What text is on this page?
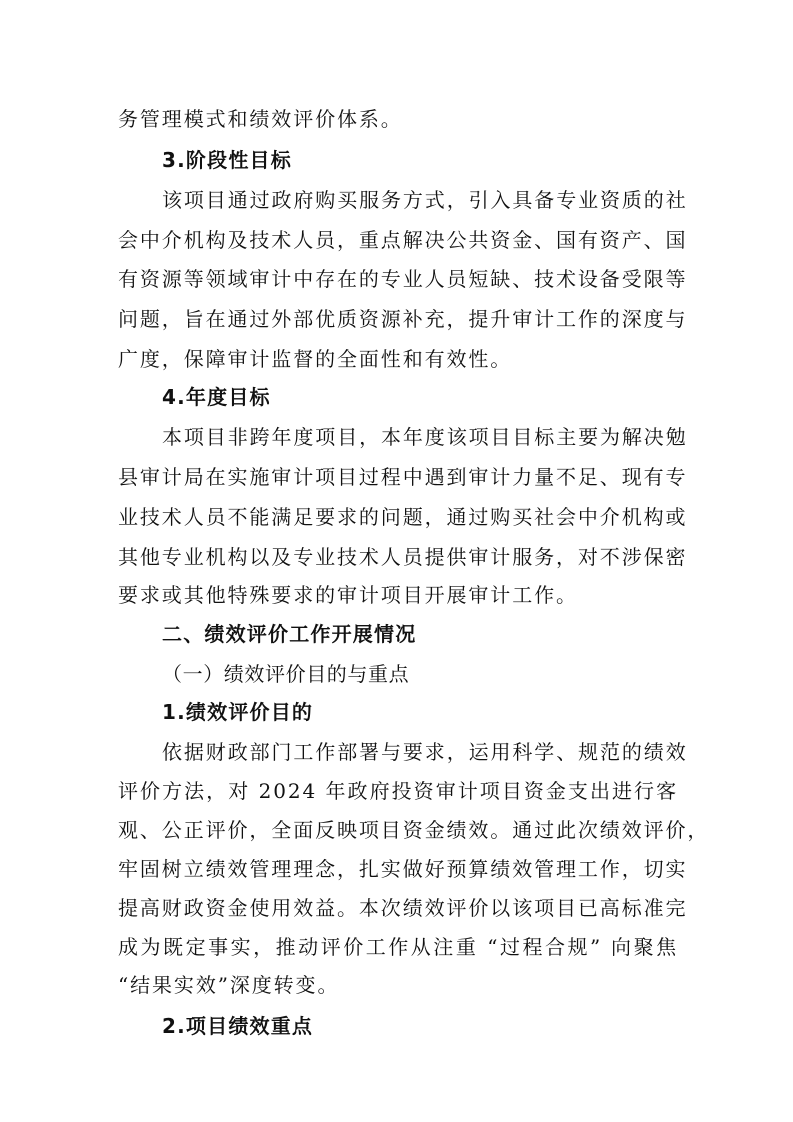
务管理模式和绩效评价体系。
3.阶段性目标
该项目通过政府购买服务方式，引入具备专业资质的社
会中介机构及技术人员，重点解决公共资金、国有资产、国
有资源等领域审计中存在的专业人员短缺、技术设备受限等
问题，旨在通过外部优质资源补充，提升审计工作的深度与
广度，保障审计监督的全面性和有效性。
4.年度目标
本项目非跨年度项目，本年度该项目目标主要为解决勉
县审计局在实施审计项目过程中遇到审计力量不足、现有专
业技术人员不能满足要求的问题，通过购买社会中介机构或
其他专业机构以及专业技术人员提供审计服务，对不涉保密
要求或其他特殊要求的审计项目开展审计工作。
二、绩效评价工作开展情况
（一）绩效评价目的与重点
1.绩效评价目的
依据财政部门工作部署与要求，运用科学、规范的绩效
评价方法，对 2024 年政府投资审计项目资金支出进行客
观、公正评价，全面反映项目资金绩效。通过此次绩效评价，
牢固树立绩效管理理念，扎实做好预算绩效管理工作，切实
提高财政资金使用效益。本次绩效评价以该项目已高标准完
成为既定事实，推动评价工作从注重 “过程合规” 向聚焦
“结果实效”深度转变。
2.项目绩效重点
